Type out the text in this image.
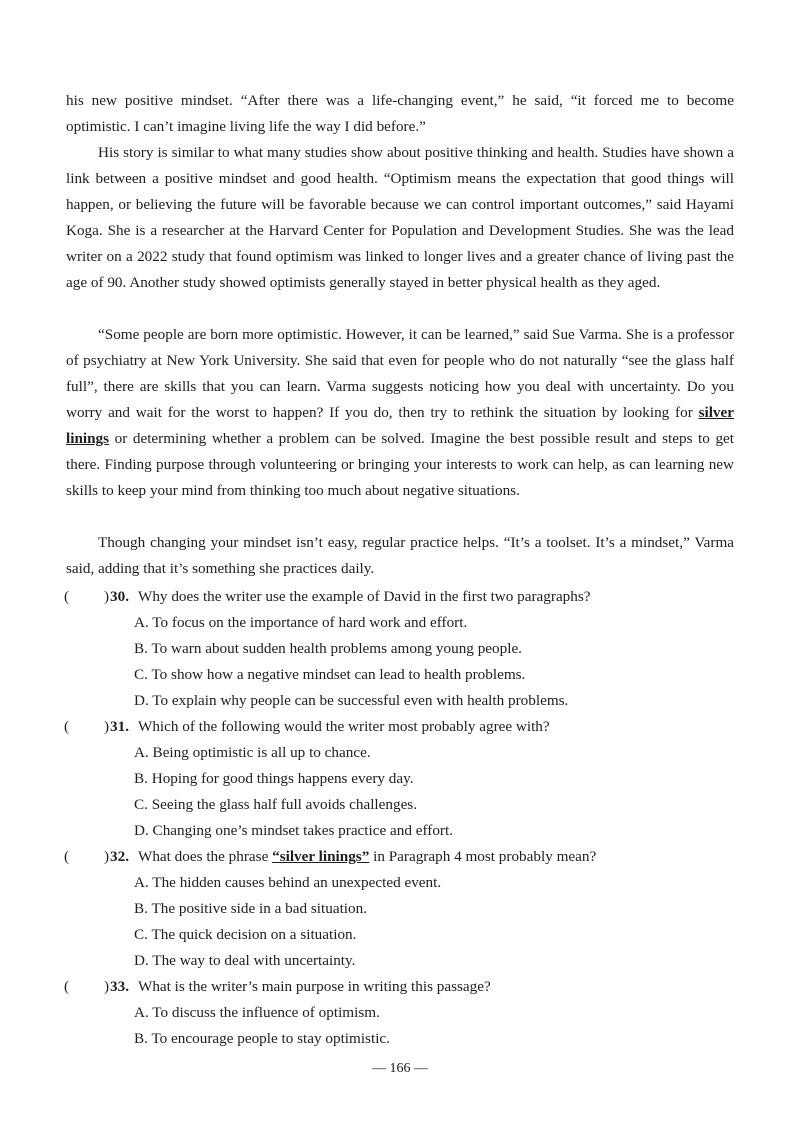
his new positive mindset. “After there was a life-changing event,” he said, “it forced me to become optimistic. I can’t imagine living life the way I did before.”

His story is similar to what many studies show about positive thinking and health. Studies have shown a link between a positive mindset and good health. “Optimism means the expectation that good things will happen, or believing the future will be favorable because we can control important outcomes,” said Hayami Koga. She is a researcher at the Harvard Center for Population and Development Studies. She was the lead writer on a 2022 study that found optimism was linked to longer lives and a greater chance of living past the age of 90. Another study showed optimists generally stayed in better physical health as they aged.

“Some people are born more optimistic. However, it can be learned,” said Sue Varma. She is a professor of psychiatry at New York University. She said that even for people who do not naturally “see the glass half full”, there are skills that you can learn. Varma suggests noticing how you deal with uncertainty. Do you worry and wait for the worst to happen? If you do, then try to rethink the situation by looking for silver linings or determining whether a problem can be solved. Imagine the best possible result and steps to get there. Finding purpose through volunteering or bringing your interests to work can help, as can learning new skills to keep your mind from thinking too much about negative situations.

Though changing your mindset isn’t easy, regular practice helps. “It’s a toolset. It’s a mindset,” Varma said, adding that it’s something she practices daily.

( ) 30. Why does the writer use the example of David in the first two paragraphs?
A. To focus on the importance of hard work and effort.
B. To warn about sudden health problems among young people.
C. To show how a negative mindset can lead to health problems.
D. To explain why people can be successful even with health problems.
( ) 31. Which of the following would the writer most probably agree with?
A. Being optimistic is all up to chance.
B. Hoping for good things happens every day.
C. Seeing the glass half full avoids challenges.
D. Changing one’s mindset takes practice and effort.
( ) 32. What does the phrase “silver linings” in Paragraph 4 most probably mean?
A. The hidden causes behind an unexpected event.
B. The positive side in a bad situation.
C. The quick decision on a situation.
D. The way to deal with uncertainty.
( ) 33. What is the writer’s main purpose in writing this passage?
A. To discuss the influence of optimism.
B. To encourage people to stay optimistic.
— 166 —
